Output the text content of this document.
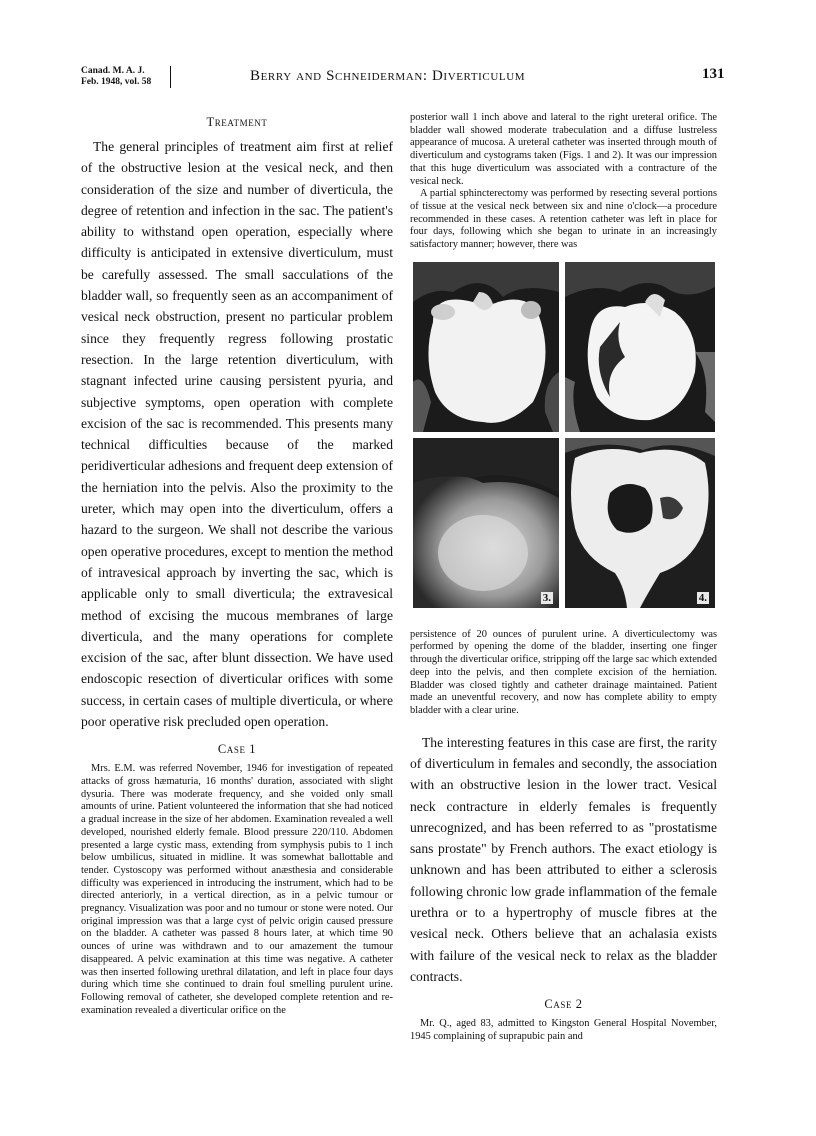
Canad. M. A. J.
Feb. 1948, vol. 58	Berry and Schneiderman: Diverticulum	131
Treatment

The general principles of treatment aim first at relief of the obstructive lesion at the vesical neck, and then consideration of the size and number of diverticula, the degree of retention and infection in the sac. The patient's ability to withstand open operation, especially where difficulty is anticipated in extensive diverticulum, must be carefully assessed. The small sacculations of the bladder wall, so frequently seen as an accompaniment of vesical neck obstruction, present no particular problem since they frequently regress following prostatic resection. In the large retention diverticulum, with stagnant infected urine causing persistent pyuria, and subjective symptoms, open operation with complete excision of the sac is recommended. This presents many technical difficulties because of the marked peridiverticular adhesions and frequent deep extension of the herniation into the pelvis. Also the proximity to the ureter, which may open into the diverticulum, offers a hazard to the surgeon. We shall not describe the various open operative procedures, except to mention the method of intravesical approach by inverting the sac, which is applicable only to small diverticula; the extravesical method of excising the mucous membranes of large diverticula, and the many operations for complete excision of the sac, after blunt dissection. We have used endoscopic resection of diverticular orifices with some success, in certain cases of multiple diverticula, or where poor operative risk precluded open operation.

Case 1

Mrs. E.M. was referred November, 1946 for investigation of repeated attacks of gross hæmaturia, 16 months' duration, associated with slight dysuria. There was moderate frequency, and she voided only small amounts of urine. Patient volunteered the information that she had noticed a gradual increase in the size of her abdomen. Examination revealed a well developed, nourished elderly female. Blood pressure 220/110. Abdomen presented a large cystic mass, extending from symphysis pubis to 1 inch below umbilicus, situated in midline. It was somewhat ballottable and tender. Cystoscopy was performed without anæsthesia and considerable difficulty was experienced in introducing the instrument, which had to be directed anteriorly, in a vertical direction, as in a pelvic tumour or pregnancy. Visualization was poor and no tumour or stone were noted. Our original impression was that a large cyst of pelvic origin caused pressure on the bladder. A catheter was passed 8 hours later, at which time 90 ounces of urine was withdrawn and to our amazement the tumour disappeared. A pelvic examination at this time was negative. A catheter was then inserted following urethral dilatation, and left in place four days during which time she continued to drain foul smelling purulent urine. Following removal of catheter, she developed complete retention and re-examination revealed a diverticular orifice on the

posterior wall 1 inch above and lateral to the right ureteral orifice. The bladder wall showed moderate trabeculation and a diffuse lustreless appearance of mucosa. A ureteral catheter was inserted through mouth of diverticulum and cystograms taken (Figs. 1 and 2). It was our impression that this huge diverticulum was associated with a contracture of the vesical neck.

A partial sphincterectomy was performed by resecting several portions of tissue at the vesical neck between six and nine o'clock—a procedure recommended in these cases. A retention catheter was left in place for four days, following which she began to urinate in an increasingly satisfactory manner; however, there was

3.	4.

persistence of 20 ounces of purulent urine. A diverticulectomy was performed by opening the dome of the bladder, inserting one finger through the diverticular orifice, stripping off the large sac which extended deep into the pelvis, and then complete excision of the herniation. Bladder was closed tightly and catheter drainage maintained. Patient made an uneventful recovery, and now has complete ability to empty bladder with a clear urine.

The interesting features in this case are first, the rarity of diverticulum in females and secondly, the association with an obstructive lesion in the lower tract. Vesical neck contracture in elderly females is frequently unrecognized, and has been referred to as "prostatisme sans prostate" by French authors. The exact etiology is unknown and has been attributed to either a sclerosis following chronic low grade inflammation of the female urethra or to a hypertrophy of muscle fibres at the vesical neck. Others believe that an achalasia exists with failure of the vesical neck to relax as the bladder contracts.

Case 2

Mr. Q., aged 83, admitted to Kingston General Hospital November, 1945 complaining of suprapubic pain and
